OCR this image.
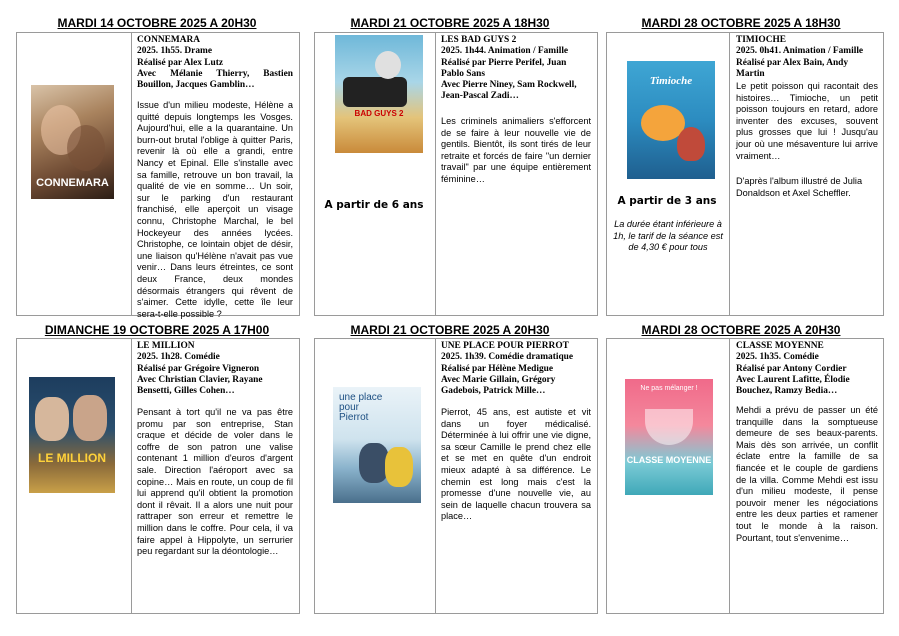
MARDI 14 OCTOBRE 2025 A 20H30	MARDI 21 OCTOBRE 2025 A 18H30	MARDI 28 OCTOBRE 2025 A 18H30
DIMANCHE 19 OCTOBRE 2025 A 17H00	MARDI 21 OCTOBRE 2025 A 20H30	MARDI 28 OCTOBRE 2025 A 20H30
CONNEMARA
CONNEMARA
2025. 1h55. Drame
Réalisé par Alex Lutz
Avec Mélanie Thierry, Bastien Bouillon, Jacques Gamblin…
Issue d'un milieu modeste, Hélène a quitté depuis longtemps les Vosges. Aujourd'hui, elle a la quarantaine. Un burn-out brutal l'oblige à quitter Paris, revenir là où elle a grandi, entre Nancy et Epinal. Elle s'installe avec sa famille, retrouve un bon travail, la qualité de vie en somme… Un soir, sur le parking d'un restaurant franchisé, elle aperçoit un visage connu, Christophe Marchal, le bel Hockeyeur des années lycées. Christophe, ce lointain objet de désir, une liaison qu'Hélène n'avait pas vue venir… Dans leurs étreintes, ce sont deux France, deux mondes désormais étrangers qui rêvent de s'aimer. Cette idylle, cette île leur sera-t-elle possible ?
BAD GUYS 2
A partir de 6 ans
LES BAD GUYS 2
2025. 1h44. Animation / Famille
Réalisé par Pierre Perifel, Juan Pablo Sans
Avec Pierre Niney, Sam Rockwell, Jean-Pascal Zadi…
Les criminels animaliers s'efforcent de se faire à leur nouvelle vie de gentils. Bientôt, ils sont tirés de leur retraite et forcés de faire "un dernier travail" par une équipe entièrement féminine…
Timioche
A partir de 3 ans
La durée étant inférieure à 1h, le tarif de la séance est de 4,30 € pour tous
TIMIOCHE
2025. 0h41. Animation / Famille
Réalisé par Alex Bain, Andy Martin
Le petit poisson qui racontait des histoires… Timioche, un petit poisson toujours en retard, adore inventer des excuses, souvent plus grosses que lui ! Jusqu'au jour où une mésaventure lui arrive vraiment…
D'après l'album illustré de Julia Donaldson et Axel Scheffler.
LE MILLION
LE MILLION
2025. 1h28. Comédie
Réalisé par Grégoire Vigneron
Avec Christian Clavier, Rayane Bensetti, Gilles Cohen…
Pensant à tort qu'il ne va pas être promu par son entreprise, Stan craque et décide de voler dans le coffre de son patron une valise contenant 1 million d'euros d'argent sale. Direction l'aéroport avec sa copine… Mais en route, un coup de fil lui apprend qu'il obtient la promotion dont il rêvait. Il a alors une nuit pour rattraper son erreur et remettre le million dans le coffre. Pour cela, il va faire appel à Hippolyte, un serrurier peu regardant sur la déontologie…
une place pour Pierrot
UNE PLACE POUR PIERROT
2025. 1h39. Comédie dramatique
Réalisé par Hélène Medigue
Avec Marie Gillain, Grégory Gadebois, Patrick Mille…
Pierrot, 45 ans, est autiste et vit dans un foyer médicalisé. Déterminée à lui offrir une vie digne, sa sœur Camille le prend chez elle et se met en quête d'un endroit mieux adapté à sa différence. Le chemin est long mais c'est la promesse d'une nouvelle vie, au sein de laquelle chacun trouvera sa place…
Ne pas mélanger !
CLASSE MOYENNE
CLASSE MOYENNE
2025. 1h35. Comédie
Réalisé par Antony Cordier
Avec Laurent Lafitte, Élodie Bouchez, Ramzy Bedia…
Mehdi a prévu de passer un été tranquille dans la somptueuse demeure de ses beaux-parents. Mais dès son arrivée, un conflit éclate entre la famille de sa fiancée et le couple de gardiens de la villa. Comme Mehdi est issu d'un milieu modeste, il pense pouvoir mener les négociations entre les deux parties et ramener tout le monde à la raison. Pourtant, tout s'envenime…
